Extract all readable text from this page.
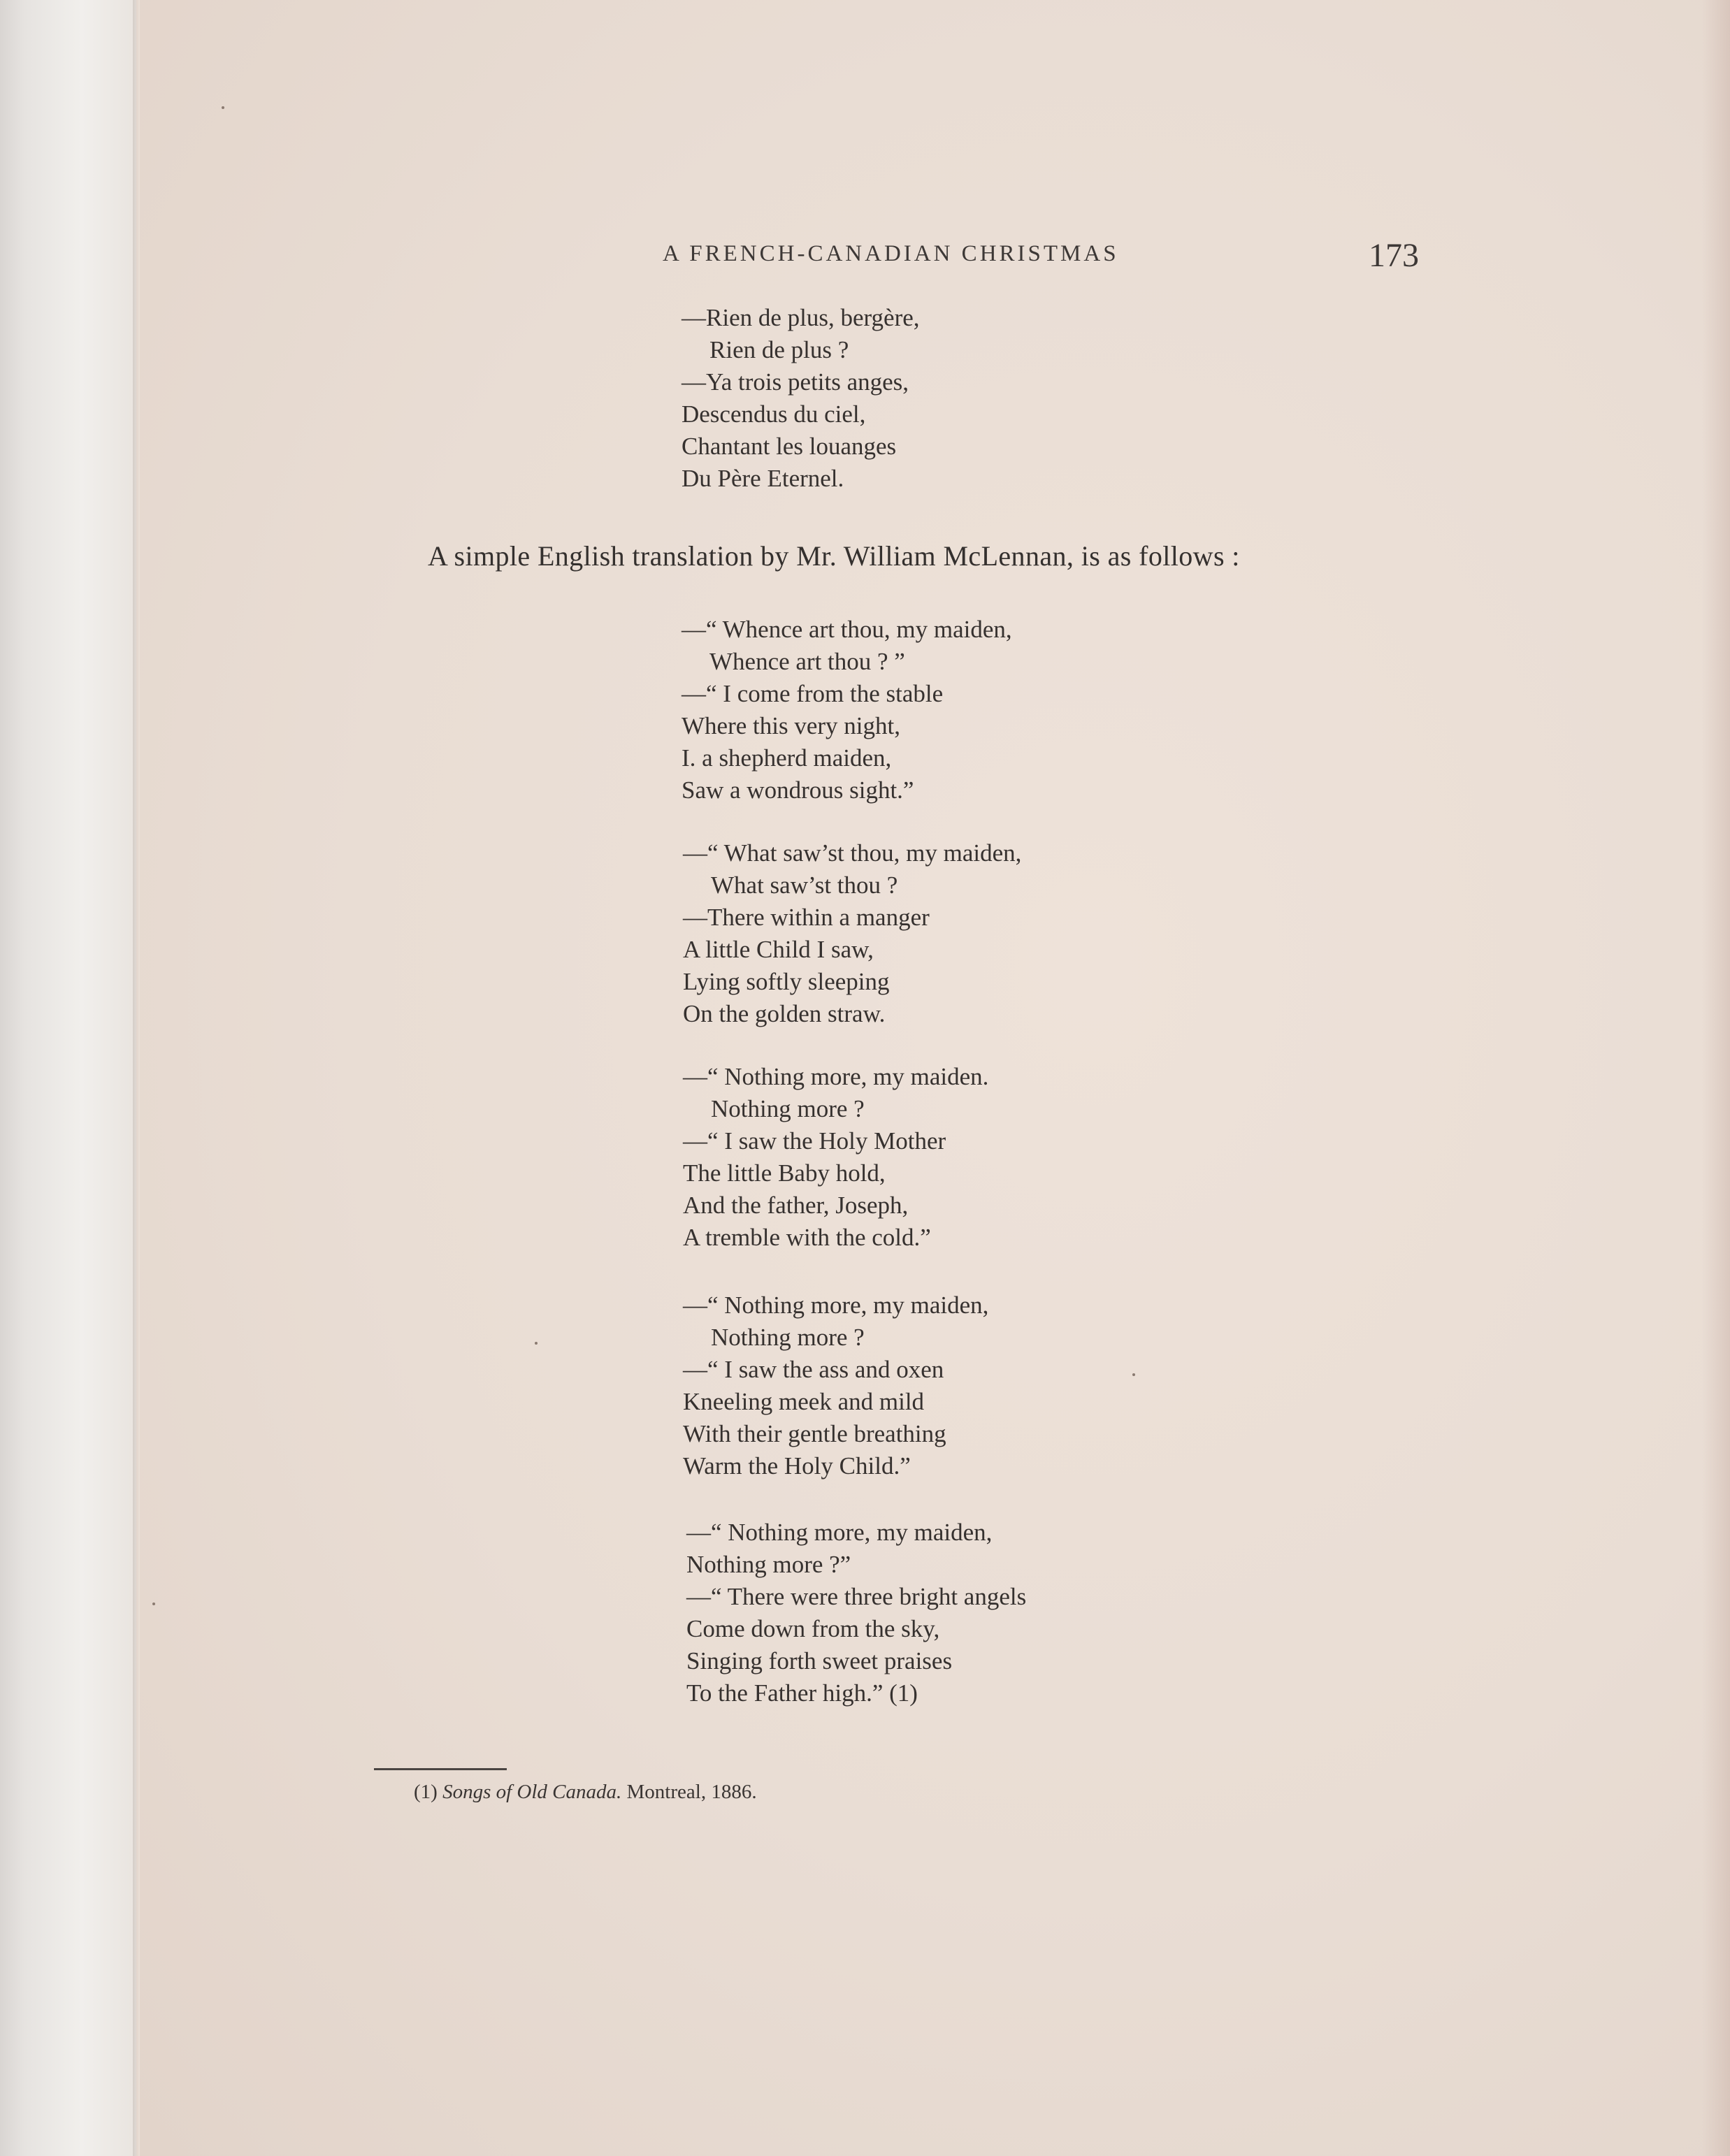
A FRENCH-CANADIAN CHRISTMAS	173
—Rien de plus, bergère,
Rien de plus ?
—Ya trois petits anges,
Descendus du ciel,
Chantant les louanges
Du Père Eternel.
A simple English translation by Mr. William McLennan, is as follows :
—“ Whence art thou, my maiden,
Whence art thou ? ”
—“ I come from the stable
Where this very night,
I. a shepherd maiden,
Saw a wondrous sight.”
—“ What saw’st thou, my maiden,
What saw’st thou ?
—There within a manger
A little Child I saw,
Lying softly sleeping
On the golden straw.
—“ Nothing more, my maiden.
Nothing more ?
—“ I saw the Holy Mother
The little Baby hold,
And the father, Joseph,
A tremble with the cold.”
—“ Nothing more, my maiden,
Nothing more ?
—“ I saw the ass and oxen
Kneeling meek and mild
With their gentle breathing
Warm the Holy Child.”
—“ Nothing more, my maiden,
Nothing more ?”
—“ There were three bright angels
Come down from the sky,
Singing forth sweet praises
To the Father high.” (1)
(1) Songs of Old Canada. Montreal, 1886.
